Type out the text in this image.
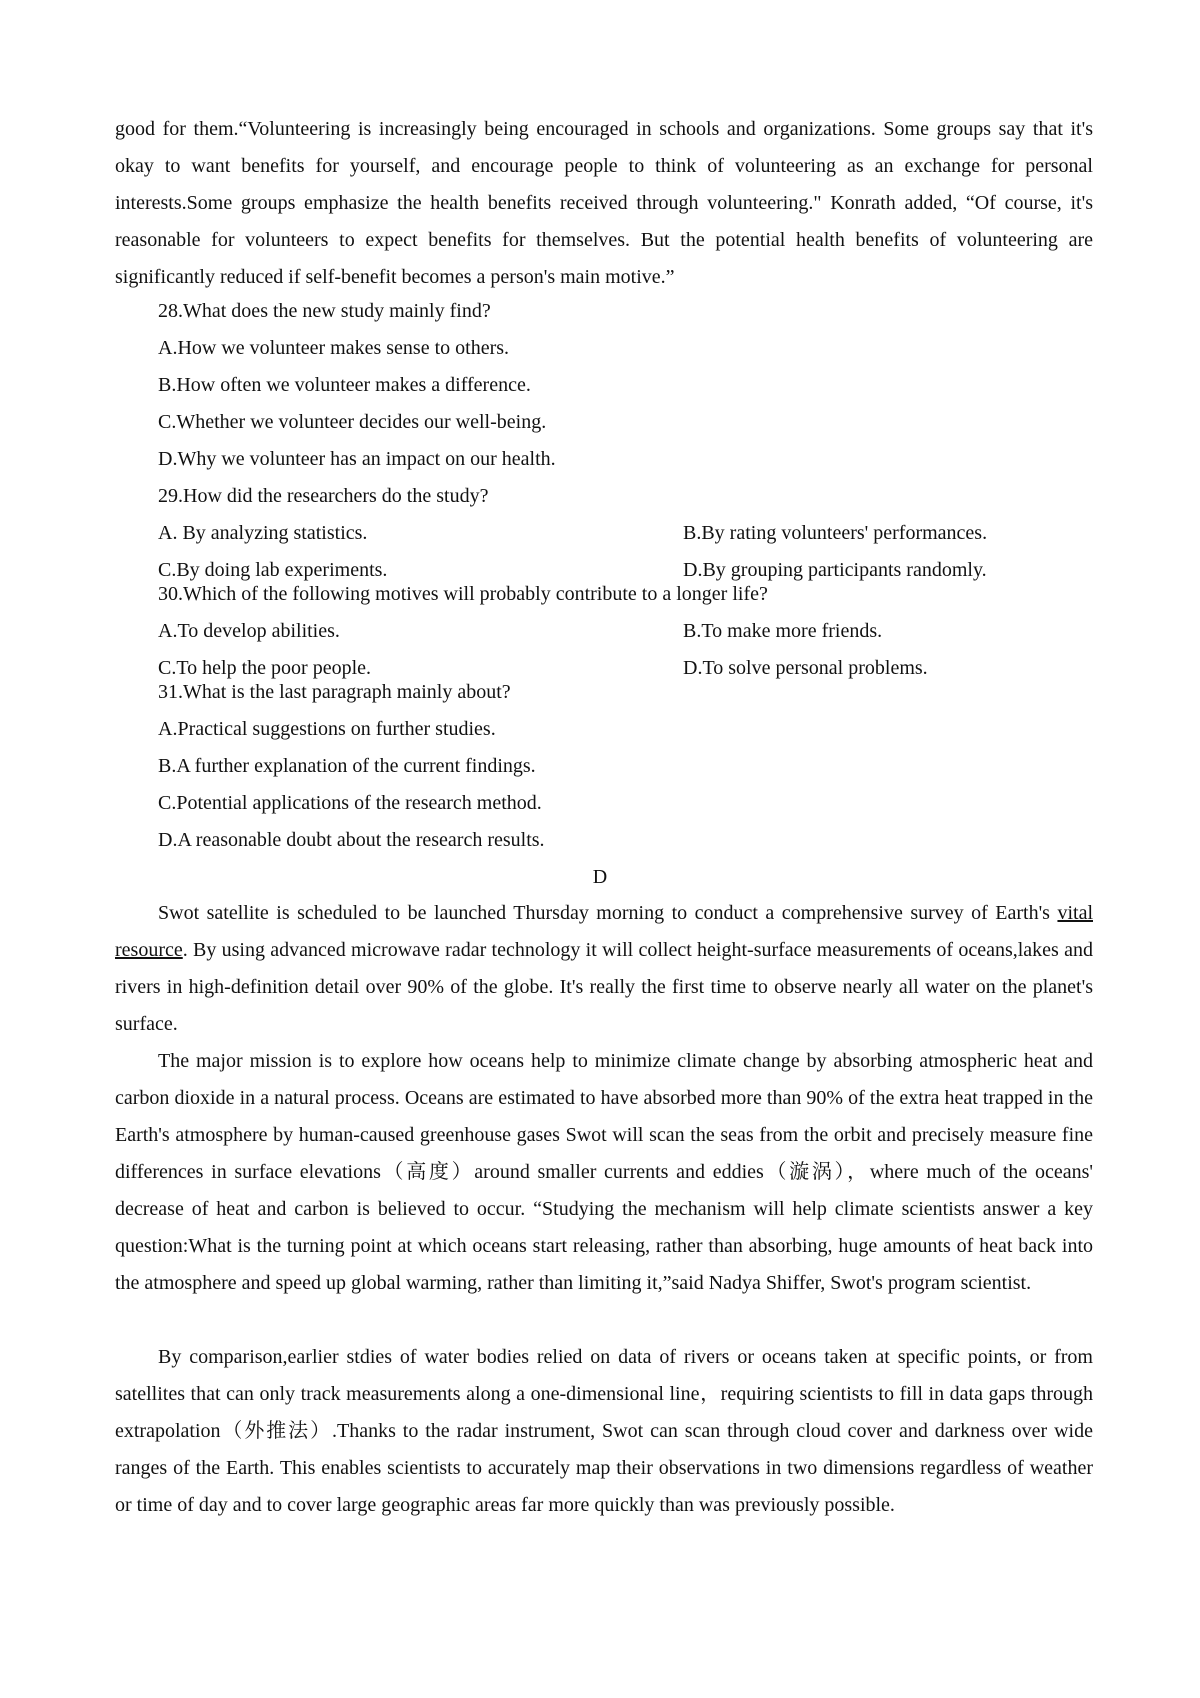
good for them.“Volunteering is increasingly being encouraged in schools and organizations. Some groups say that it's okay to want benefits for yourself, and encourage people to think of volunteering as an exchange for personal interests.Some groups emphasize the health benefits received through volunteering." Konrath added, “Of course, it's reasonable for volunteers to expect benefits for themselves. But the potential health benefits of volunteering are significantly reduced if self-benefit becomes a person's main motive.”
28.What does the new study mainly find?
A.How we volunteer makes sense to others.
B.How often we volunteer makes a difference.
C.Whether we volunteer decides our well-being.
D.Why we volunteer has an impact on our health.
29.How did the researchers do the study?
A. By analyzing statistics.	B.By rating volunteers' performances.
C.By doing lab experiments.	D.By grouping participants randomly.
30.Which of the following motives will probably contribute to a longer life?
A.To develop abilities.	B.To make more friends.
C.To help the poor people.	D.To solve personal problems.
31.What is the last paragraph mainly about?
A.Practical suggestions on further studies.
B.A further explanation of the current findings.
C.Potential applications of the research method.
D.A reasonable doubt about the research results.
D
Swot satellite is scheduled to be launched Thursday morning to conduct a comprehensive survey of Earth's vital resource. By using advanced microwave radar technology it will collect height-surface measurements of oceans,lakes and rivers in high-definition detail over 90% of the globe. It's really the first time to observe nearly all water on the planet's surface.
The major mission is to explore how oceans help to minimize climate change by absorbing atmospheric heat and carbon dioxide in a natural process. Oceans are estimated to have absorbed more than 90% of the extra heat trapped in the Earth's atmosphere by human-caused greenhouse gases Swot will scan the seas from the orbit and precisely measure fine differences in surface elevations（高度）around smaller currents and eddies（漩涡），where much of the oceans' decrease of heat and carbon is believed to occur. “Studying the mechanism will help climate scientists answer a key question:What is the turning point at which oceans start releasing, rather than absorbing, huge amounts of heat back into the atmosphere and speed up global warming, rather than limiting it,”said Nadya Shiffer, Swot's program scientist.
By comparison,earlier stdies of water bodies relied on data of rivers or oceans taken at specific points, or from satellites that can only track measurements along a one-dimensional line，requiring scientists to fill in data gaps through extrapolation（外推法）.Thanks to the radar instrument, Swot can scan through cloud cover and darkness over wide ranges of the Earth. This enables scientists to accurately map their observations in two dimensions regardless of weather or time of day and to cover large geographic areas far more quickly than was previously possible.
